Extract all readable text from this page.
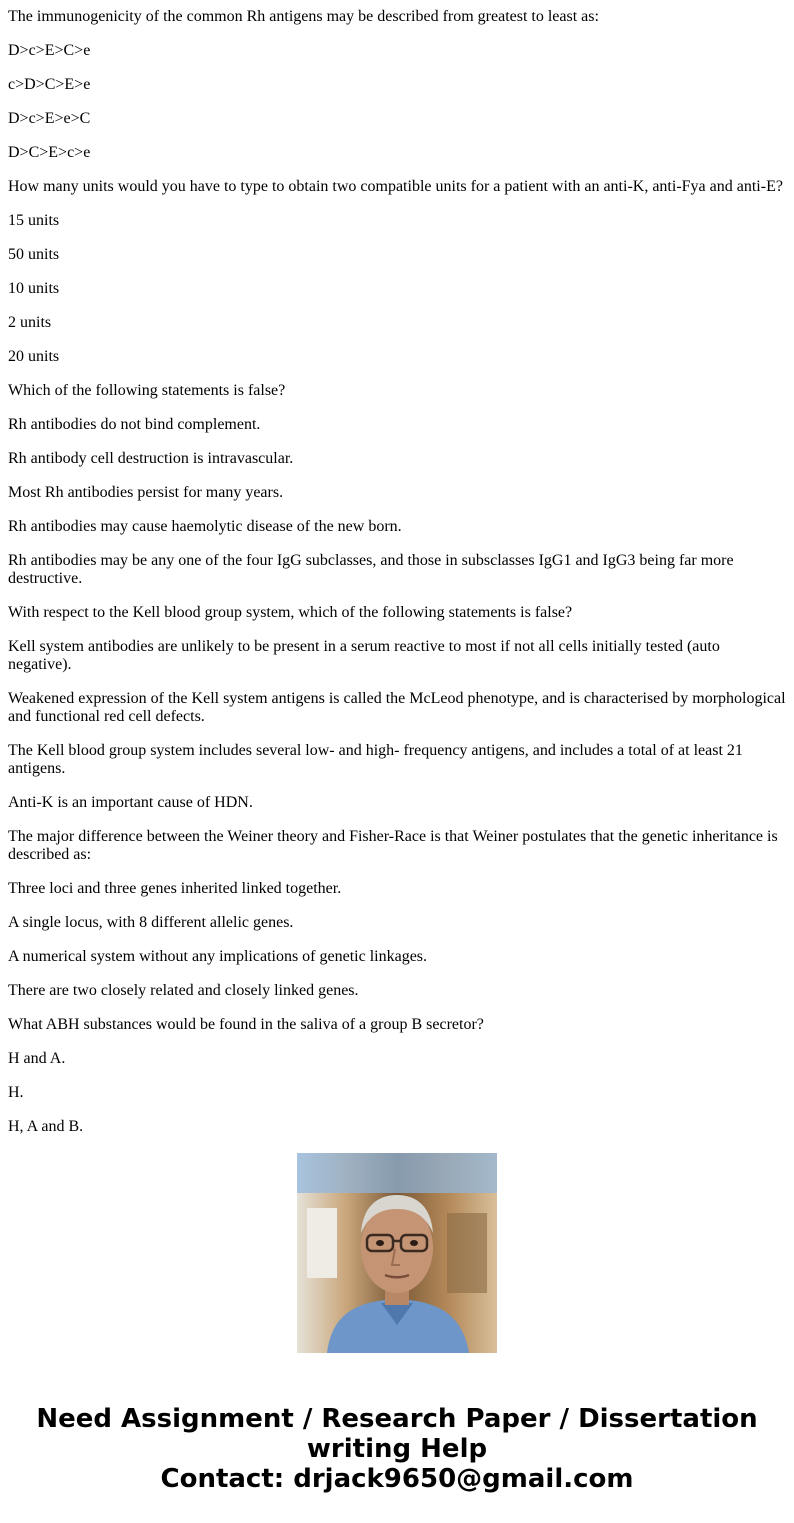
The immunogenicity of the common Rh antigens may be described from greatest to least as:

D>c>E>C>e

c>D>C>E>e

D>c>E>e>C

D>C>E>c>e

How many units would you have to type to obtain two compatible units for a patient with an anti-K, anti-Fya and anti-E?

15 units

50 units

10 units

2 units

20 units

Which of the following statements is false?

Rh antibodies do not bind complement.

Rh antibody cell destruction is intravascular.

Most Rh antibodies persist for many years.

Rh antibodies may cause haemolytic disease of the new born.

Rh antibodies may be any one of the four IgG subclasses, and those in subsclasses IgG1 and IgG3 being far more destructive.

With respect to the Kell blood group system, which of the following statements is false?

Kell system antibodies are unlikely to be present in a serum reactive to most if not all cells initially tested (auto negative).

Weakened expression of the Kell system antigens is called the McLeod phenotype, and is characterised by morphological and functional red cell defects.

The Kell blood group system includes several low- and high- frequency antigens, and includes a total of at least 21 antigens.

Anti-K is an important cause of HDN.

The major difference between the Weiner theory and Fisher-Race is that Weiner postulates that the genetic inheritance is described as:

Three loci and three genes inherited linked together.

A single locus, with 8 different allelic genes.

A numerical system without any implications of genetic linkages.

There are two closely related and closely linked genes.

What ABH substances would be found in the saliva of a group B secretor?

H and A.

H.

H, A and B.

Need Assignment / Research Paper / Dissertation
writing Help
Contact: drjack9650@gmail.com
